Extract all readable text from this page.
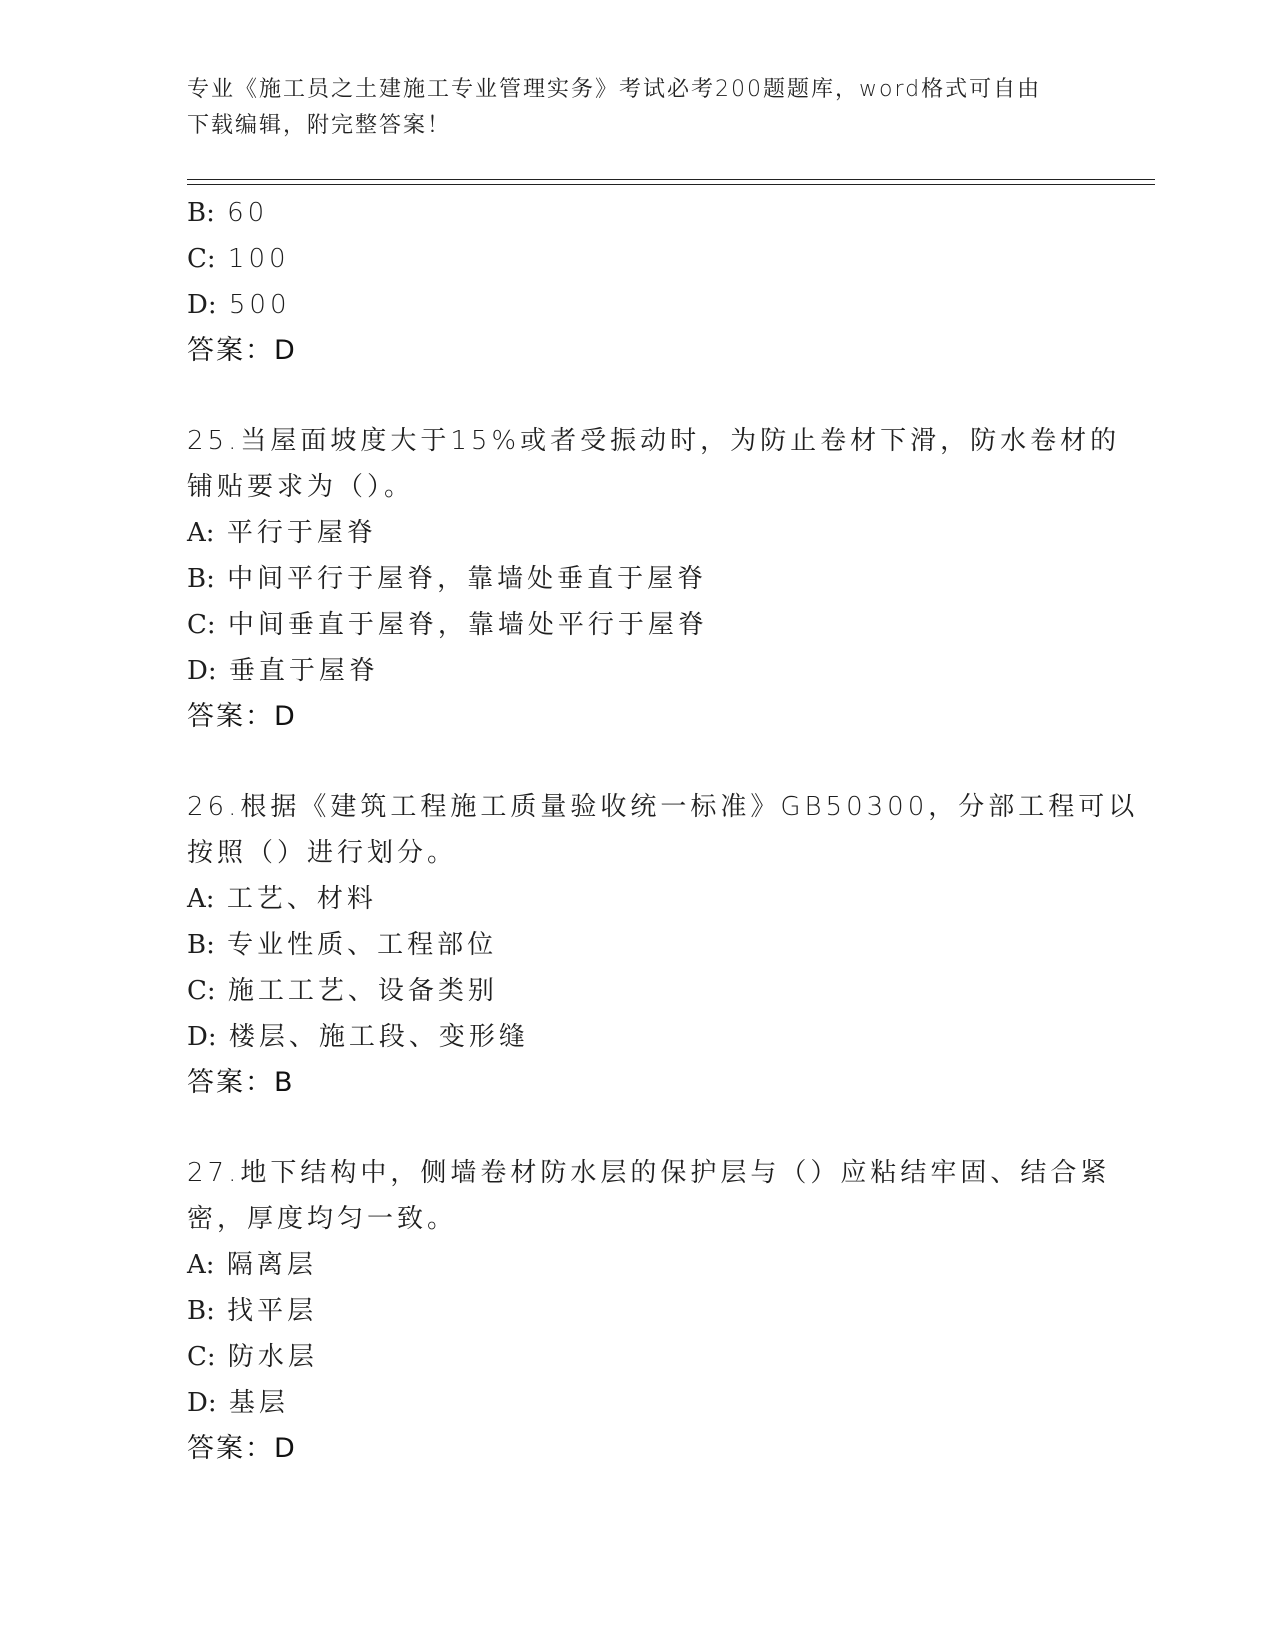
专业《施工员之土建施工专业管理实务》考试必考200题题库，word格式可自由
下载编辑，附完整答案！
B: 60
C: 100
D: 500
答案：D
25.当屋面坡度大于15%或者受振动时，为防止卷材下滑，防水卷材的
铺贴要求为（）。
A: 平行于屋脊
B: 中间平行于屋脊，靠墙处垂直于屋脊
C: 中间垂直于屋脊，靠墙处平行于屋脊
D: 垂直于屋脊
答案：D
26.根据《建筑工程施工质量验收统一标准》GB50300，分部工程可以
按照（）进行划分。
A: 工艺、材料
B: 专业性质、工程部位
C: 施工工艺、设备类别
D: 楼层、施工段、变形缝
答案：B
27.地下结构中，侧墙卷材防水层的保护层与（）应粘结牢固、结合紧
密，厚度均匀一致。
A: 隔离层
B: 找平层
C: 防水层
D: 基层
答案：D
